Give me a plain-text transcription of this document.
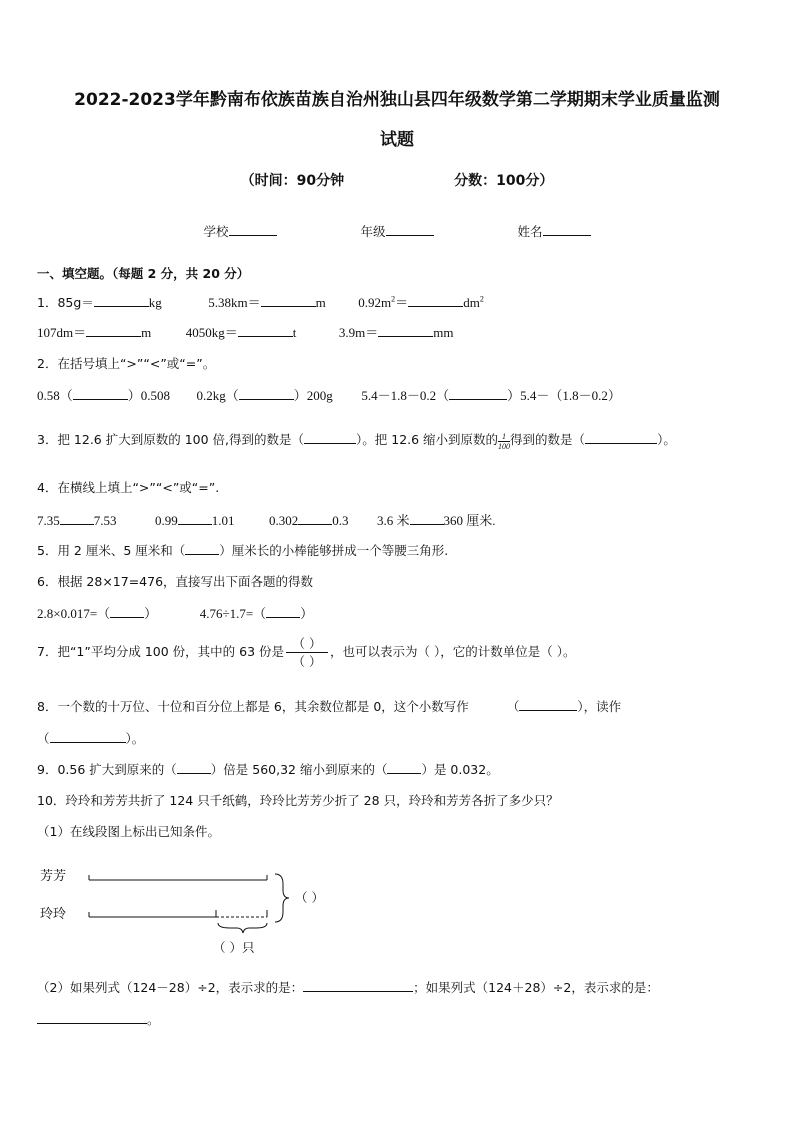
2022-2023学年黔南布依族苗族自治州独山县四年级数学第二学期期末学业质量监测
试题
（时间：90分钟	分数：100分）
学校	年级	姓名
一、填空题。（每题 2 分，共 20 分）
1．85g＝	kg	5.38km＝	m	$0.92m^2=$	$dm^2$
107dm＝	m	4050kg＝	t	3.9m＝	mm
2．在括号填上“>”“<”或“=”。
0.58（	）0.508 0.2kg（	）200g 5.4－1.8－0.2（	）5.4－（1.8－0.2）
3．把 12.6 扩大到原数的 100 倍,得到的数是（	）。把 12.6 缩小到原数的 $\frac{1}{100}$得到的数是（	）。
4．在横线上填上“>”“<”或“=”.
7.35	7.53	0.99	1.01	0.302	0.3 3.6 米	360 厘米.
5．用 2 厘米、5 厘米和（	）厘米长的小棒能够拼成一个等腰三角形.
6．根据 28×17=476，直接写出下面各题的得数
2.8×0.017=（	）	4.76÷1.7=（	）
7．把“1”平均分成 100 份，其中的 63 份是
（ ）
（ ），也可以表示为（ ），它的计数单位是（ ）。
8．一个数的十万位、十位和百分位上都是 6，其余数位都是 0，这个小数写作	（	），读作
（	）。
9．0.56 扩大到原来的（	）倍是 560,32 缩小到原来的（	）是 0.032。
10．玲玲和芳芳共折了 124 只千纸鹤，玲玲比芳芳少折了 28 只，玲玲和芳芳各折了多少只？
（1）在线段图上标出已知条件。
芳芳
玲玲
（ ）只
（ ）
（2）如果列式（124－28）÷2，表示求的是：	；如果列式（124＋28）÷2，表示求的是：
。
